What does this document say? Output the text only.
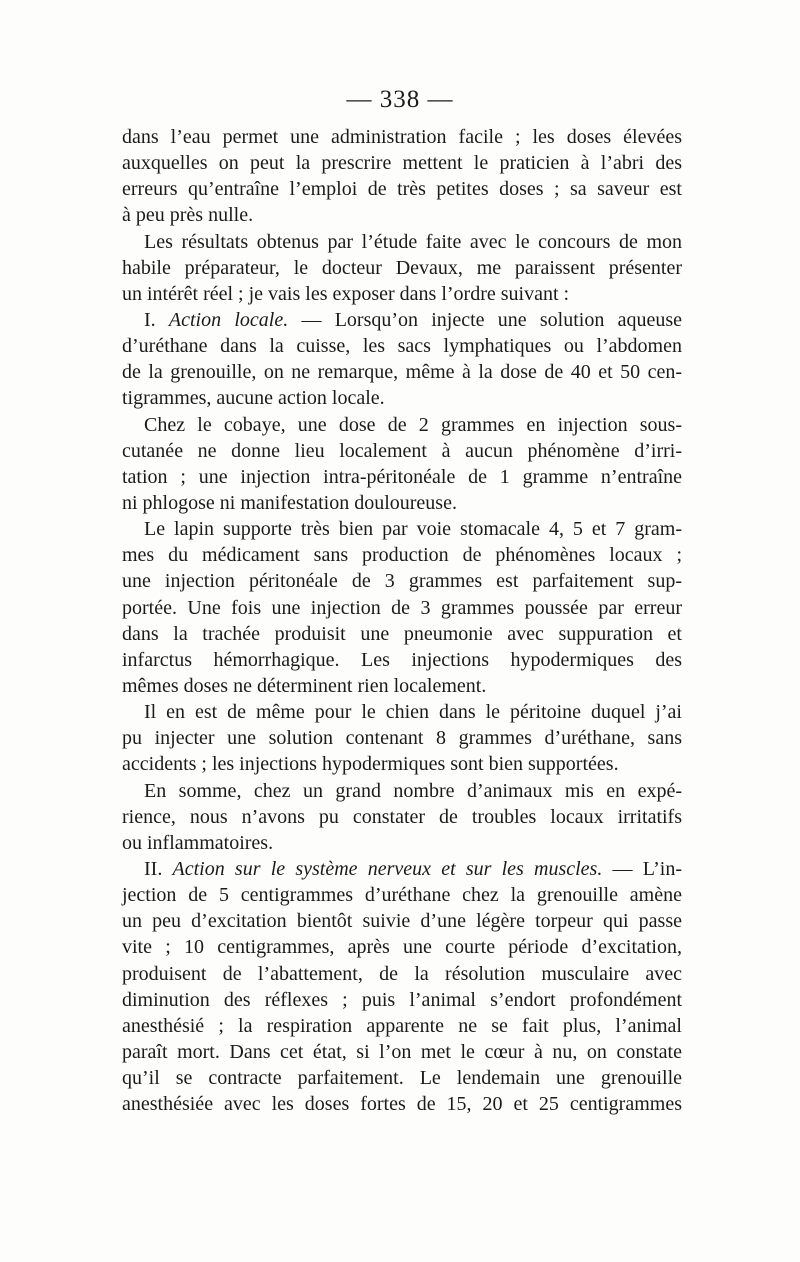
— 338 —
dans l’eau permet une administration facile ; les doses élevées
auxquelles on peut la prescrire mettent le praticien à l’abri des
erreurs qu’entraîne l’emploi de très petites doses ; sa saveur est
à peu près nulle.
Les résultats obtenus par l’étude faite avec le concours de mon
habile préparateur, le docteur Devaux, me paraissent présenter
un intérêt réel ; je vais les exposer dans l’ordre suivant :
I. Action locale. — Lorsqu’on injecte une solution aqueuse
d’uréthane dans la cuisse, les sacs lymphatiques ou l’abdomen
de la grenouille, on ne remarque, même à la dose de 40 et 50 cen-
tigrammes, aucune action locale.
Chez le cobaye, une dose de 2 grammes en injection sous-
cutanée ne donne lieu localement à aucun phénomène d’irri-
tation ; une injection intra-péritonéale de 1 gramme n’entraîne
ni phlogose ni manifestation douloureuse.
Le lapin supporte très bien par voie stomacale 4, 5 et 7 gram-
mes du médicament sans production de phénomènes locaux ;
une injection péritonéale de 3 grammes est parfaitement sup-
portée. Une fois une injection de 3 grammes poussée par erreur
dans la trachée produisit une pneumonie avec suppuration et
infarctus hémorrhagique. Les injections hypodermiques des
mêmes doses ne déterminent rien localement.
Il en est de même pour le chien dans le péritoine duquel j’ai
pu injecter une solution contenant 8 grammes d’uréthane, sans
accidents ; les injections hypodermiques sont bien supportées.
En somme, chez un grand nombre d’animaux mis en expé-
rience, nous n’avons pu constater de troubles locaux irritatifs
ou inflammatoires.
II. Action sur le système nerveux et sur les muscles. — L’in-
jection de 5 centigrammes d’uréthane chez la grenouille amène
un peu d’excitation bientôt suivie d’une légère torpeur qui passe
vite ; 10 centigrammes, après une courte période d’excitation,
produisent de l’abattement, de la résolution musculaire avec
diminution des réflexes ; puis l’animal s’endort profondément
anesthésié ; la respiration apparente ne se fait plus, l’animal
paraît mort. Dans cet état, si l’on met le cœur à nu, on constate
qu’il se contracte parfaitement. Le lendemain une grenouille
anesthésiée avec les doses fortes de 15, 20 et 25 centigrammes
